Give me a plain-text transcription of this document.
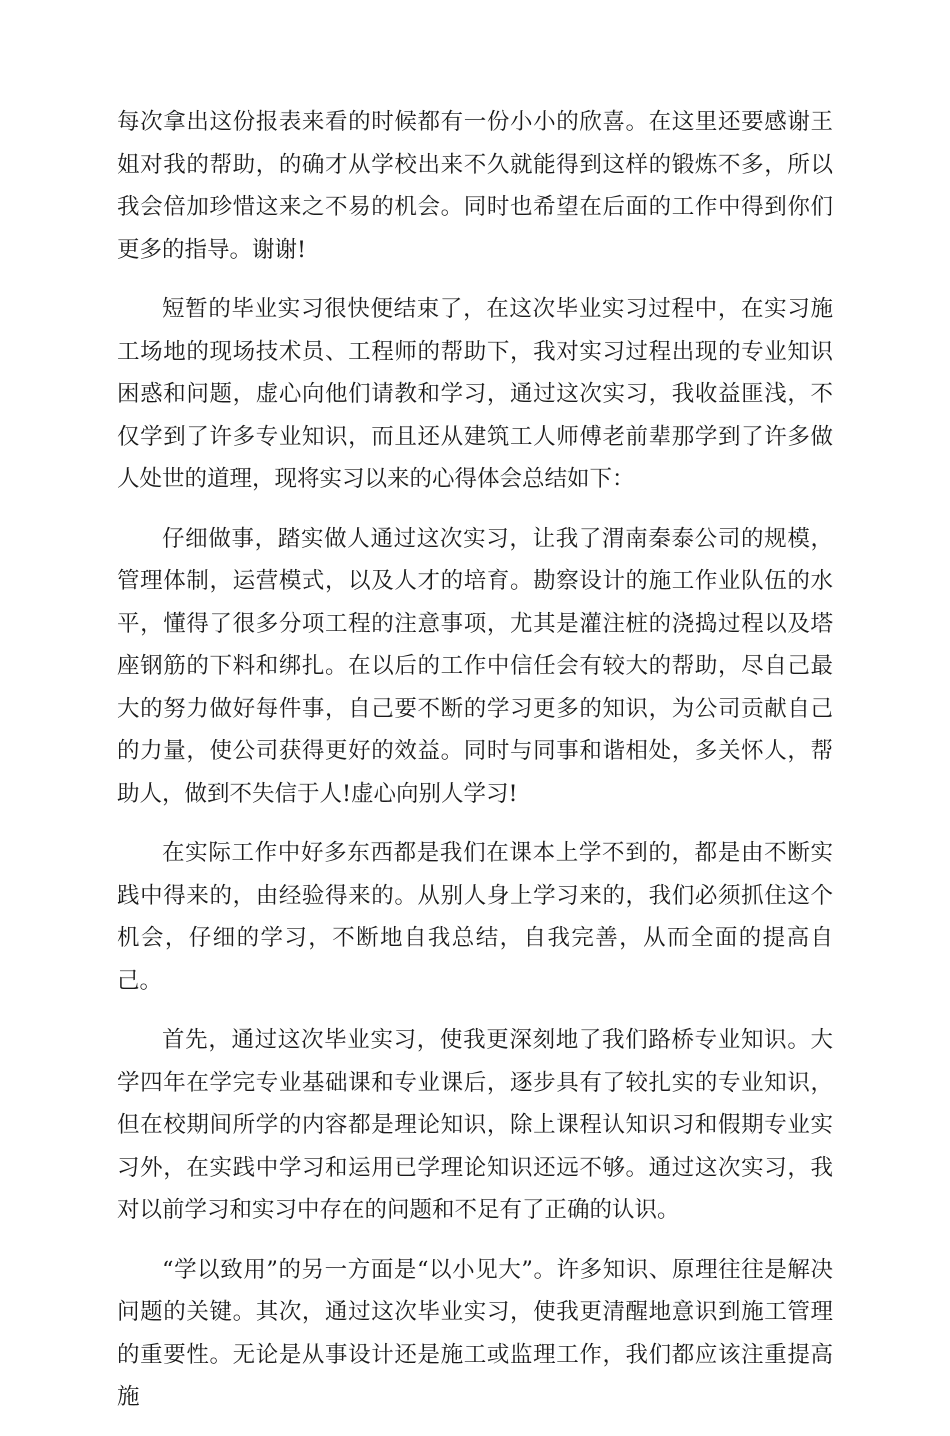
每次拿出这份报表来看的时候都有一份小小的欣喜。在这里还要感谢王姐对我的帮助，的确才从学校出来不久就能得到这样的锻炼不多，所以我会倍加珍惜这来之不易的机会。同时也希望在后面的工作中得到你们更多的指导。谢谢!

短暂的毕业实习很快便结束了，在这次毕业实习过程中，在实习施工场地的现场技术员、工程师的帮助下，我对实习过程出现的专业知识困惑和问题，虚心向他们请教和学习，通过这次实习，我收益匪浅，不仅学到了许多专业知识，而且还从建筑工人师傅老前辈那学到了许多做人处世的道理，现将实习以来的心得体会总结如下：

仔细做事，踏实做人通过这次实习，让我了渭南秦泰公司的规模，管理体制，运营模式，以及人才的培育。勘察设计的施工作业队伍的水平，懂得了很多分项工程的注意事项，尤其是灌注桩的浇捣过程以及塔座钢筋的下料和绑扎。在以后的工作中信任会有较大的帮助，尽自己最大的努力做好每件事，自己要不断的学习更多的知识，为公司贡献自己的力量，使公司获得更好的效益。同时与同事和谐相处，多关怀人，帮助人，做到不失信于人!虚心向别人学习!

在实际工作中好多东西都是我们在课本上学不到的，都是由不断实践中得来的，由经验得来的。从别人身上学习来的，我们必须抓住这个机会，仔细的学习，不断地自我总结，自我完善，从而全面的提高自己。

首先，通过这次毕业实习，使我更深刻地了我们路桥专业知识。大学四年在学完专业基础课和专业课后，逐步具有了较扎实的专业知识，但在校期间所学的内容都是理论知识，除上课程认知识习和假期专业实习外，在实践中学习和运用已学理论知识还远不够。通过这次实习，我对以前学习和实习中存在的问题和不足有了正确的认识。

“学以致用”的另一方面是“以小见大”。许多知识、原理往往是解决问题的关键。其次，通过这次毕业实习，使我更清醒地意识到施工管理的重要性。无论是从事设计还是施工或监理工作，我们都应该注重提高施
